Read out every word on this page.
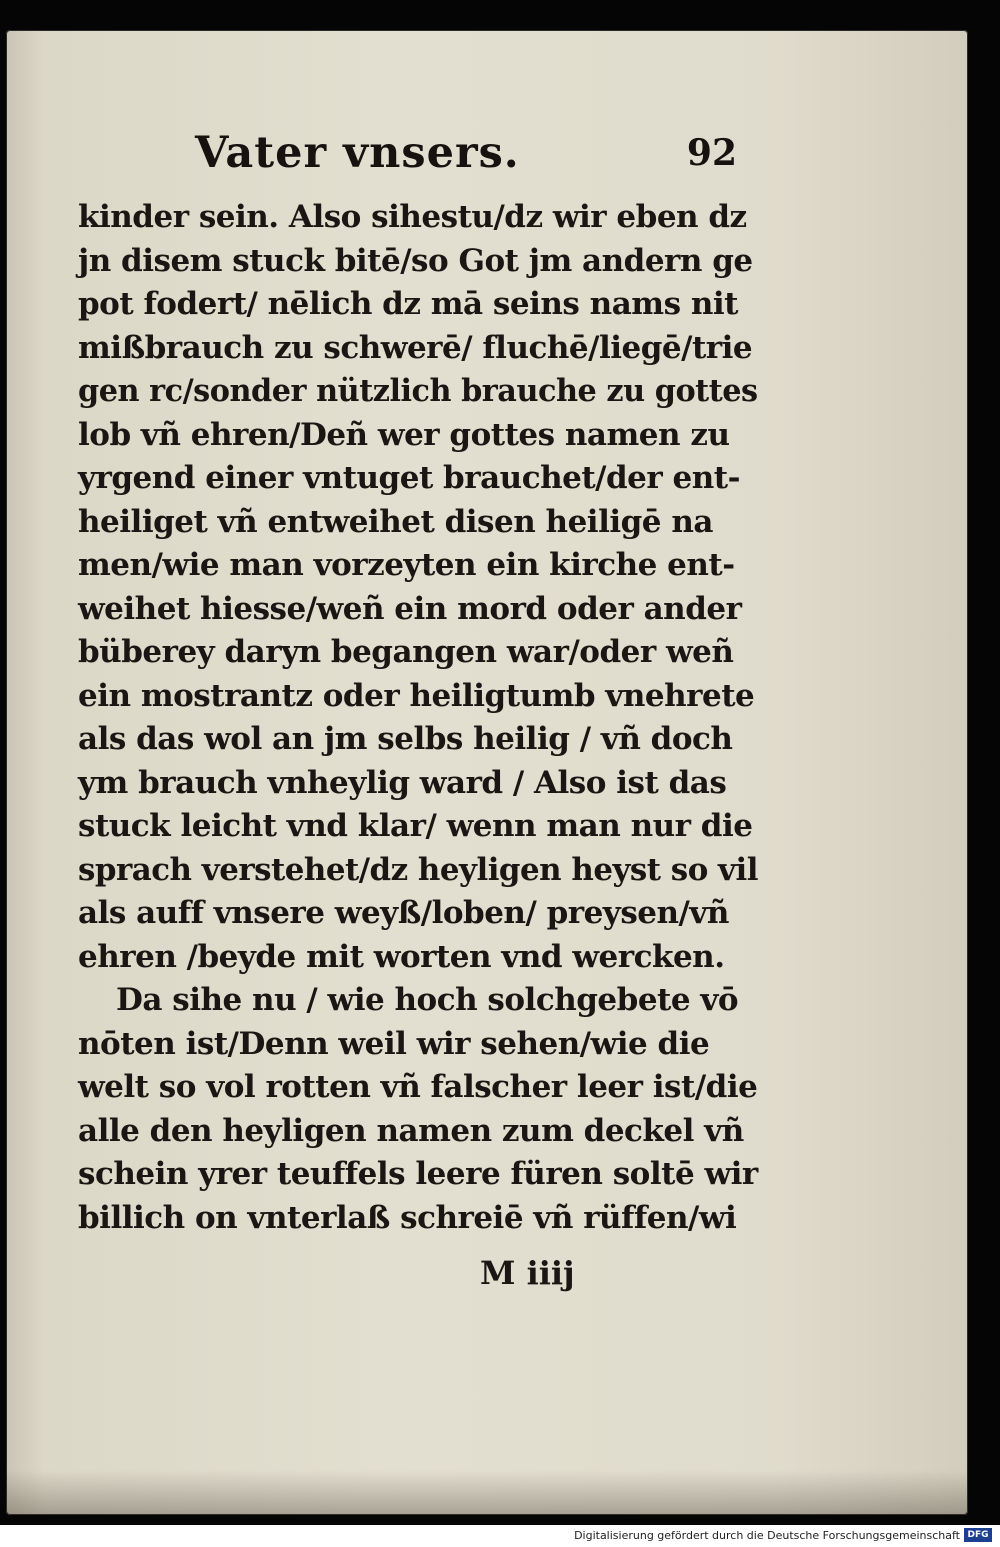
Vater vnsers.	92
kinder sein. Also sihestu/dz wir eben dz
jn disem stuck bitē/so Got jm andern ge
pot fodert/ nēlich dz mā seins nams nit
mißbrauch zu schwerē/ fluchē/liegē/trie
gen rc/sonder nützlich brauche zu gottes
lob vñ ehren/Deñ wer gottes namen zu
yrgend einer vntuget brauchet/der ent‑
heiliget vñ entweihet disen heiligē na
men/wie man vorzeyten ein kirche ent‑
weihet hiesse/weñ ein mord oder ander
büberey daryn begangen war/oder weñ
ein mostrantz oder heiligtumb vnehrete
als das wol an jm selbs heilig / vñ doch
ym brauch vnheylig ward / Also ist das
stuck leicht vnd klar/ wenn man nur die
sprach verstehet/dz heyligen heyst so vil
als auff vnsere weyß/loben/ preysen/vñ
ehren /beyde mit worten vnd wercken.
Da sihe nu / wie hoch solchgebete vō
nōten ist/Denn weil wir sehen/wie die
welt so vol rotten vñ falscher leer ist/die
alle den heyligen namen zum deckel vñ
schein yrer teuffels leere füren soltē wir
billich on vnterlaß schreiē vñ rüffen/wi
M iiij
Digitalisierung gefördert durch die Deutsche Forschungsgemeinschaft DFG
